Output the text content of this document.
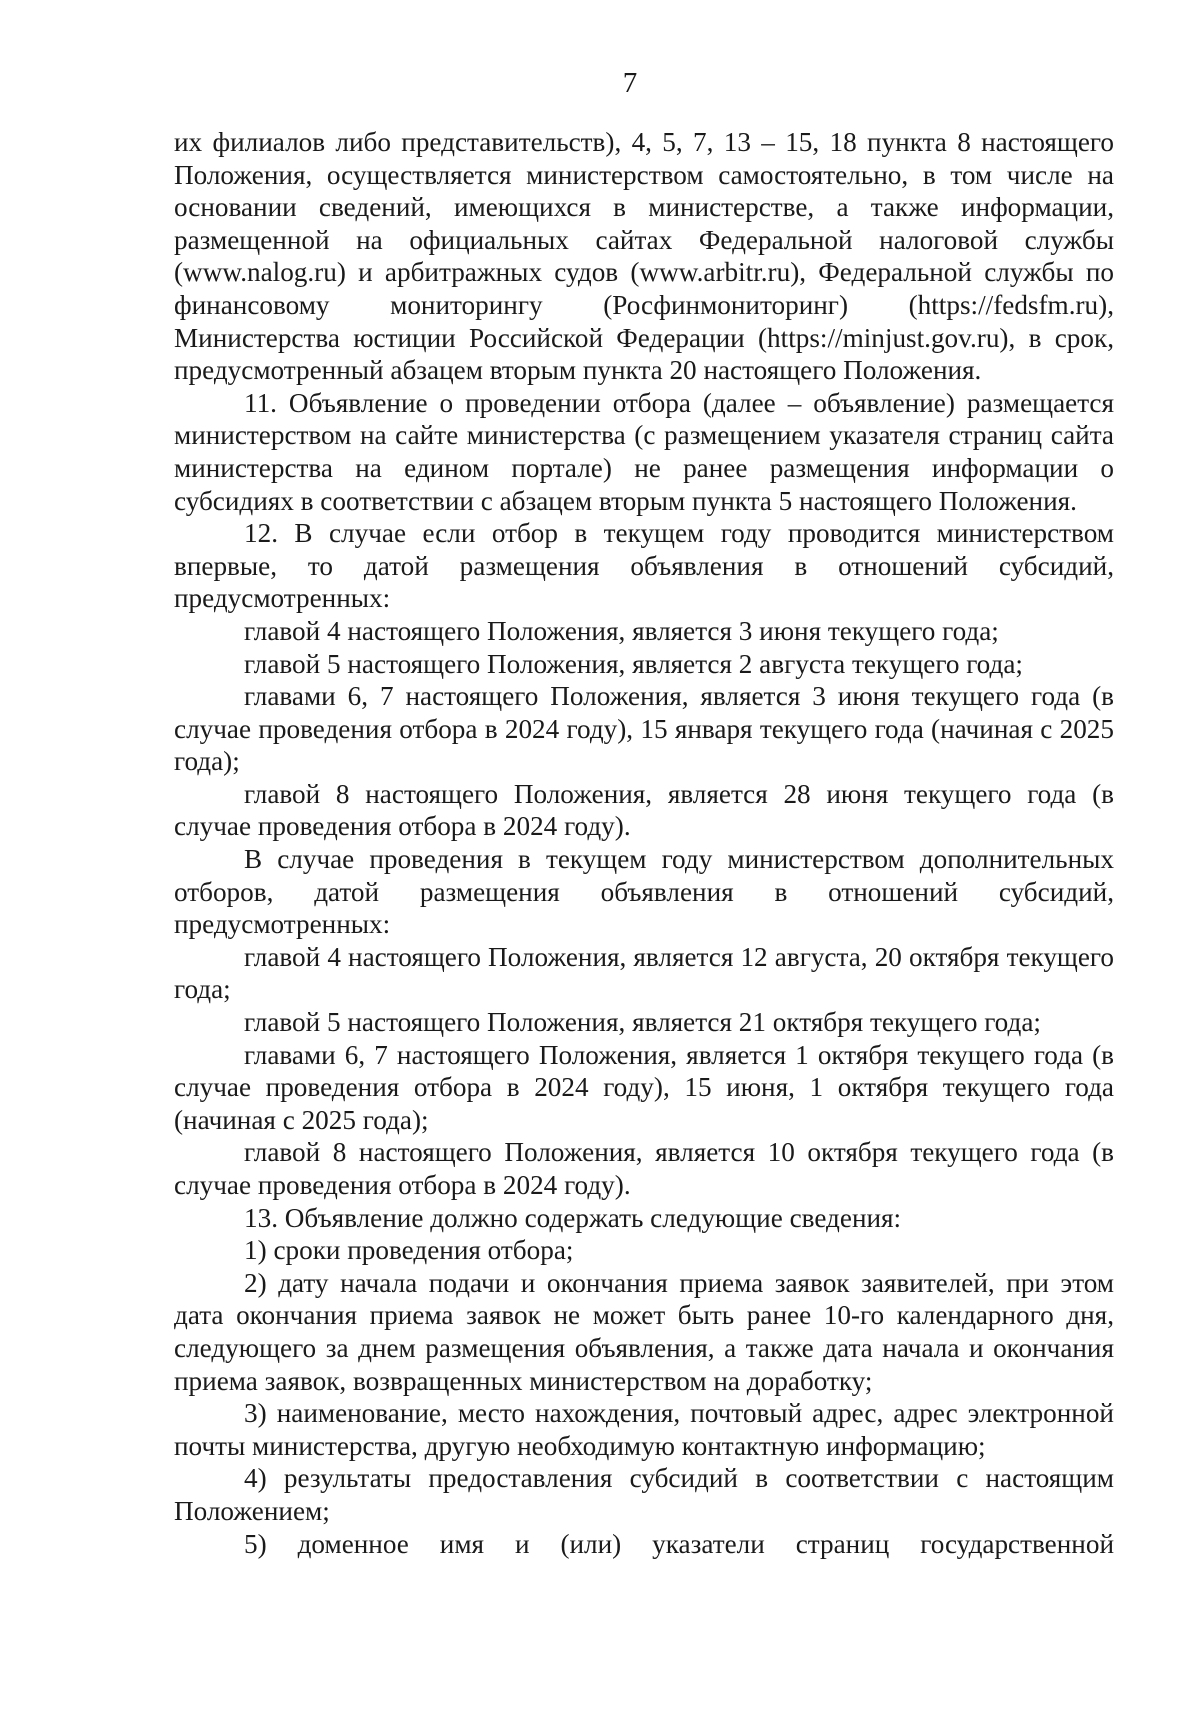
7

их филиалов либо представительств), 4, 5, 7, 13 – 15, 18 пункта 8 настоящего Положения, осуществляется министерством самостоятельно, в том числе на основании сведений, имеющихся в министерстве, а также информации, размещенной на официальных сайтах Федеральной налоговой службы (www.nalog.ru) и арбитражных судов (www.arbitr.ru), Федеральной службы по финансовому мониторингу (Росфинмониторинг) (https://fedsfm.ru), Министерства юстиции Российской Федерации (https://minjust.gov.ru), в срок, предусмотренный абзацем вторым пункта 20 настоящего Положения.

11. Объявление о проведении отбора (далее – объявление) размещается министерством на сайте министерства (с размещением указателя страниц сайта министерства на едином портале) не ранее размещения информации о субсидиях в соответствии с абзацем вторым пункта 5 настоящего Положения.

12. В случае если отбор в текущем году проводится министерством впервые, то датой размещения объявления в отношений субсидий, предусмотренных:

главой 4 настоящего Положения, является 3 июня текущего года;

главой 5 настоящего Положения, является 2 августа текущего года;

главами 6, 7 настоящего Положения, является 3 июня текущего года (в случае проведения отбора в 2024 году), 15 января текущего года (начиная с 2025 года);

главой 8 настоящего Положения, является 28 июня текущего года (в случае проведения отбора в 2024 году).

В случае проведения в текущем году министерством дополнительных отборов, датой размещения объявления в отношений субсидий, предусмотренных:

главой 4 настоящего Положения, является 12 августа, 20 октября текущего года;

главой 5 настоящего Положения, является 21 октября текущего года;

главами 6, 7 настоящего Положения, является 1 октября текущего года (в случае проведения отбора в 2024 году), 15 июня, 1 октября текущего года (начиная с 2025 года);

главой 8 настоящего Положения, является 10 октября текущего года (в случае проведения отбора в 2024 году).

13. Объявление должно содержать следующие сведения:

1) сроки проведения отбора;

2) дату начала подачи и окончания приема заявок заявителей, при этом дата окончания приема заявок не может быть ранее 10-го календарного дня, следующего за днем размещения объявления, а также дата начала и окончания приема заявок, возвращенных министерством на доработку;

3) наименование, место нахождения, почтовый адрес, адрес электронной почты министерства, другую необходимую контактную информацию;

4) результаты предоставления субсидий в соответствии с настоящим Положением;

5) доменное имя и (или) указатели страниц государственной
